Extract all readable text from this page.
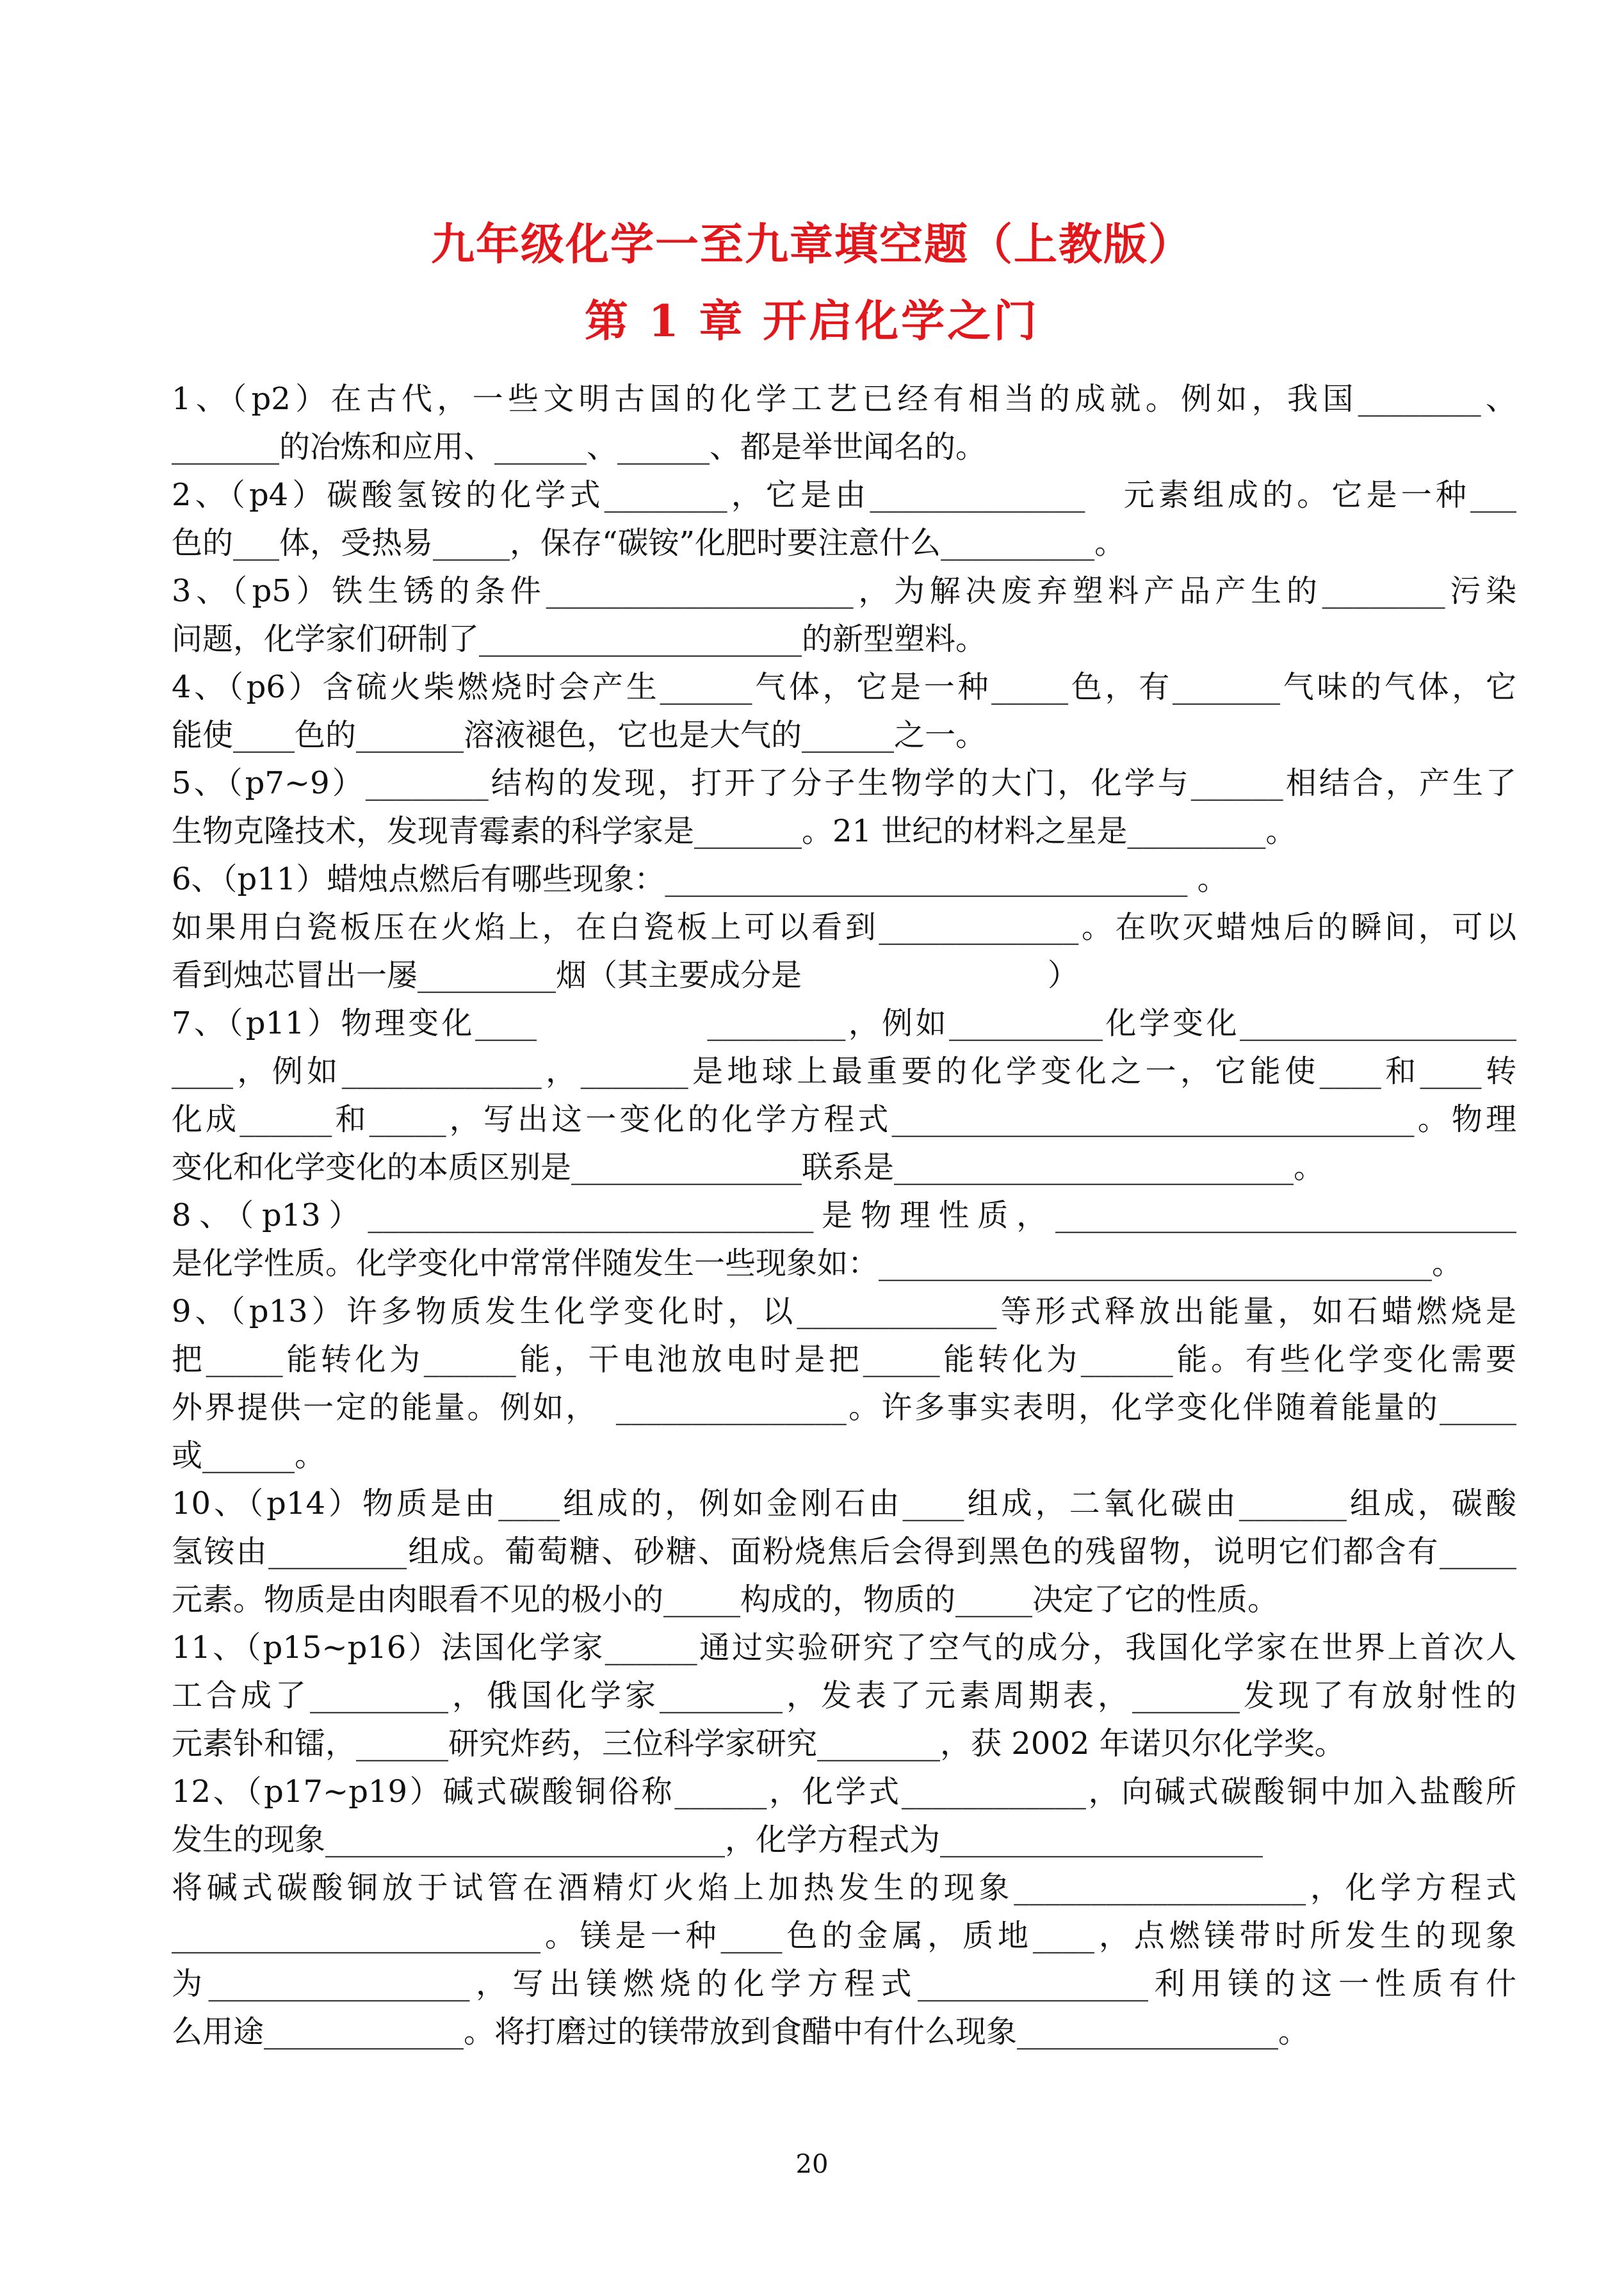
九年级化学一至九章填空题（上教版）
第 1 章 开启化学之门
1、（p2）在古代，一些文明古国的化学工艺已经有相当的成就。例如，我国________、
_______的冶炼和应用、______、______、都是举世闻名的。
2、（p4）碳酸氢铵的化学式________，它是由______________　元素组成的。它是一种___
色的___体，受热易_____，保存“碳铵”化肥时要注意什么__________。
3、（p5）铁生锈的条件____________________，为解决废弃塑料产品产生的________污染
问题，化学家们研制了_____________________的新型塑料。
4、（p6）含硫火柴燃烧时会产生______气体，它是一种_____色，有_______气味的气体，它
能使____色的_______溶液褪色，它也是大气的______之一。
5、（p7~9）________结构的发现，打开了分子生物学的大门，化学与______相结合，产生了
生物克隆技术，发现青霉素的科学家是_______。21 世纪的材料之星是_________。
6、（p11）蜡烛点燃后有哪些现象：__________________________________ 。
如果用白瓷板压在火焰上，在白瓷板上可以看到_____________。在吹灭蜡烛后的瞬间，可以
看到烛芯冒出一屡_________烟（其主要成分是　　　　　　　　）
7、（p11）物理变化____　　　　　_________，例如__________化学变化__________________
____，例如_____________，_______是地球上最重要的化学变化之一，它能使____和____转
化成______和_____，写出这一变化的化学方程式__________________________________。物理
变化和化学变化的本质区别是_______________联系是__________________________。
8、（p13）_____________________________是物理性质，______________________________
是化学性质。化学变化中常常伴随发生一些现象如：____________________________________。
9、（p13）许多物质发生化学变化时，以_____________等形式释放出能量，如石蜡燃烧是
把_____能转化为______能，干电池放电时是把_____能转化为______能。有些化学变化需要
外界提供一定的能量。例如，　_______________。许多事实表明，化学变化伴随着能量的_____
或______。
10、（p14）物质是由____组成的，例如金刚石由____组成，二氧化碳由_______组成，碳酸
氢铵由_________组成。葡萄糖、砂糖、面粉烧焦后会得到黑色的残留物，说明它们都含有_____
元素。物质是由肉眼看不见的极小的_____构成的，物质的_____决定了它的性质。
11、（p15~p16）法国化学家______通过实验研究了空气的成分，我国化学家在世界上首次人
工合成了_________，俄国化学家________，发表了元素周期表，_______发现了有放射性的
元素钋和镭，______研究炸药，三位科学家研究________，获 2002 年诺贝尔化学奖。
12、（p17~p19）碱式碳酸铜俗称______，化学式____________，向碱式碳酸铜中加入盐酸所
发生的现象__________________________，化学方程式为_____________________
将碱式碳酸铜放于试管在酒精灯火焰上加热发生的现象___________________，化学方程式
________________________。镁是一种____色的金属，质地____，点燃镁带时所发生的现象
为_________________，写出镁燃烧的化学方程式_______________利用镁的这一性质有什
么用途_____________。将打磨过的镁带放到食醋中有什么现象_________________。
20
